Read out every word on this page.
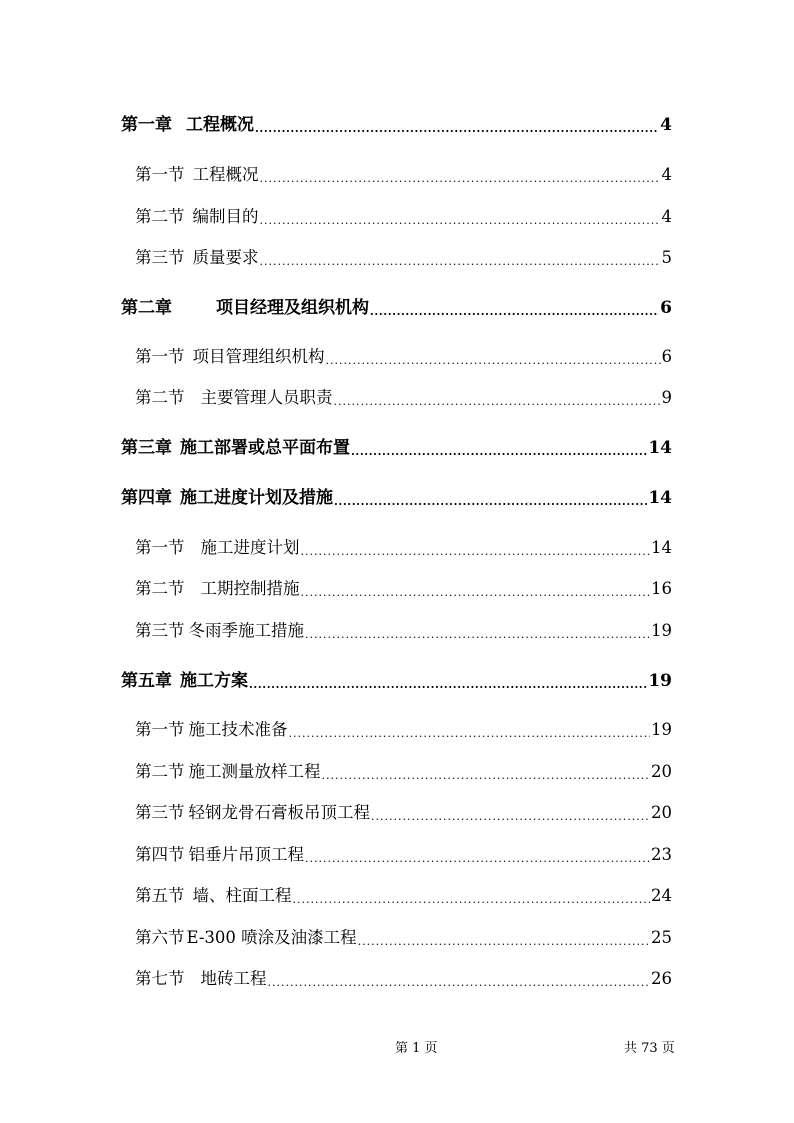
第一章 工程概况 .....	4
第一节 工程概况 .....	4
第二节 编制目的 .....	4
第三节 质量要求 .....	5
第二章	项目经理及组织机构 .....	6
第一节 项目管理组织机构 .....	6
第二节 主要管理人员职责 .....	9
第三章 施工部署或总平面布置 .....	14
第四章 施工进度计划及措施 .....	14
第一节 施工进度计划 .....	14
第二节 工期控制措施 .....	16
第三节 冬雨季施工措施 .....	19
第五章 施工方案 .....	19
第一节 施工技术准备 .....	19
第二节 施工测量放样工程 .....	20
第三节 轻钢龙骨石膏板吊顶工程 .....	20
第四节 铝垂片吊顶工程 .....	23
第五节 墙、柱面工程 .....	24
第六节 E-300 喷涂及油漆工程 .....	25
第七节 地砖工程 .....	26
第 1 页	共 73 页
